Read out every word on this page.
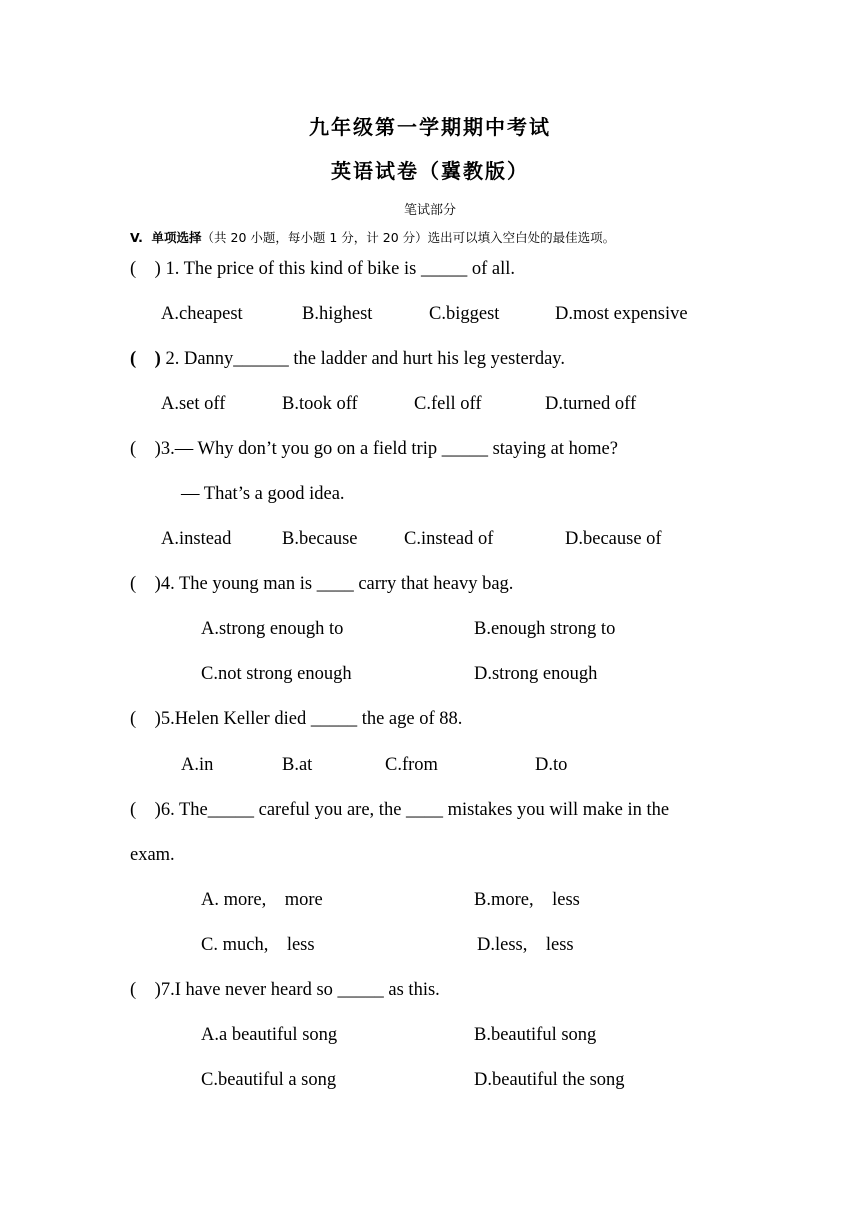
九年级第一学期期中考试
英语试卷（冀教版）
笔试部分
V.  单项选择（共 20 小题，每小题 1 分，计 20 分）选出可以填入空白处的最佳选项。
(    ) 1. The price of this kind of bike is _____ of all.
A.cheapest	B.highest	C.biggest	D.most expensive
(    ) 2. Danny______ the ladder and hurt his leg yesterday.
A.set off	B.took off	C.fell off	D.turned off
(    )3.— Why don’t you go on a field trip _____ staying at home?
— That’s a good idea.
A.instead	B.because	C.instead of	D.because of
(    )4. The young man is ____ carry that heavy bag.
A.strong enough to	B.enough strong to
C.not strong enough	D.strong enough
(    )5.Helen Keller died _____ the age of 88.
A.in	B.at	C.from	D.to
(    )6. The_____ careful you are, the ____ mistakes you will make in the
exam.
A. more,    more	B.more,    less
C. much,    less	D.less,    less
(    )7.I have never heard so _____ as this.
A.a beautiful song	B.beautiful song
C.beautiful a song	D.beautiful the song
